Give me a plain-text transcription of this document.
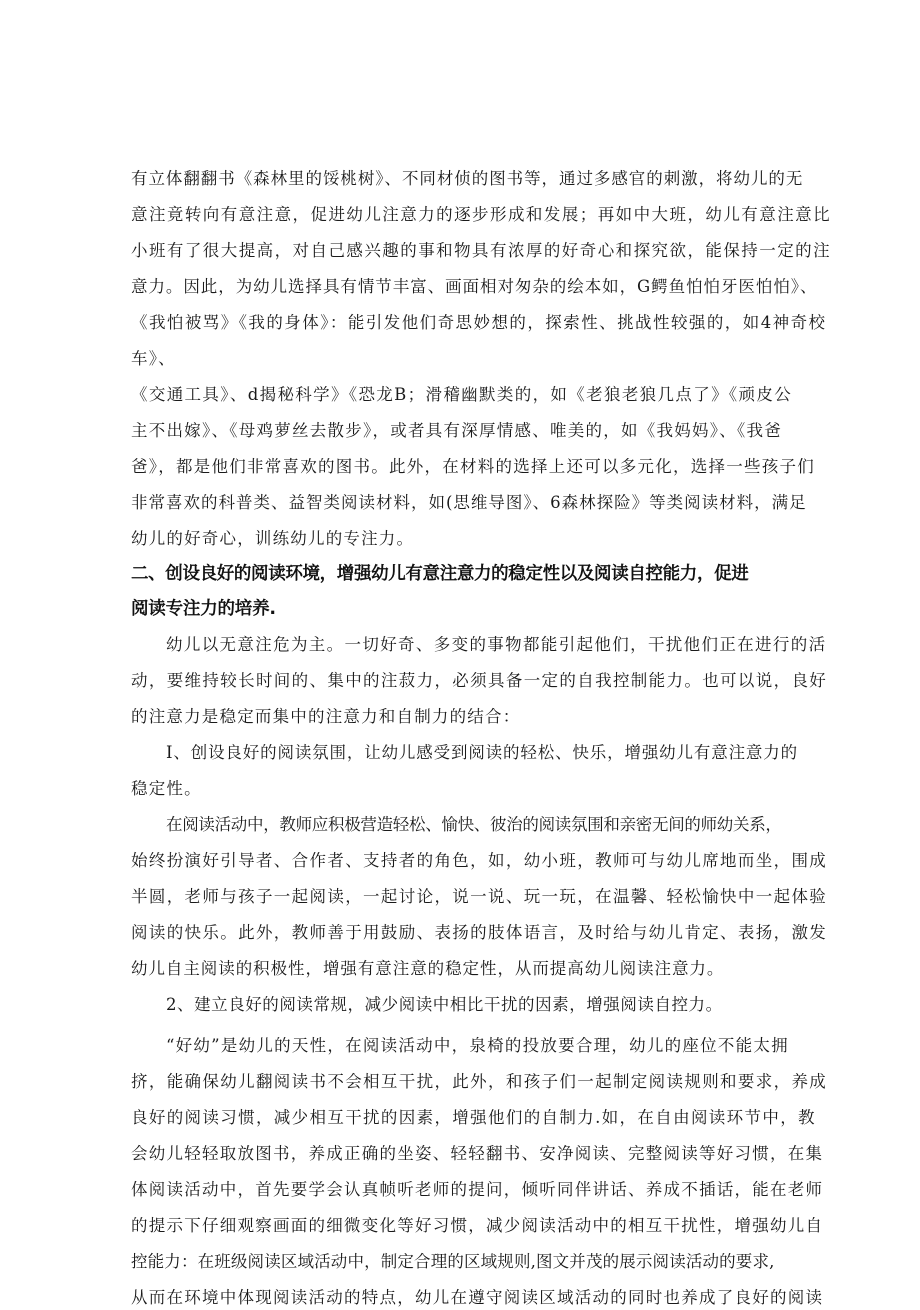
有立体翻翻书《森林里的馁桃树》、不同材侦的图书等，通过多感官的刺激，将幼儿的无
意注竟转向有意注意，促进幼儿注意力的逐步形成和发展；再如中大班，幼儿有意注意比
小班有了很大提高，对自己感兴趣的事和物具有浓厚的好奇心和探究欲，能保持一定的注
意力。因此，为幼儿选择具有情节丰富、画面相对匆杂的绘本如，G鳄鱼怕怕牙医怕怕》、
《我怕被骂》《我的身体》：能引发他们奇思妙想的，探索性、挑战性较强的，如4神奇校
车》、
《交通工具》、d揭秘科学》《恐龙B；滑稽幽默类的，如《老狼老狼几点了》《顽皮公
主不出嫁》、《母鸡萝丝去散步》，或者具有深厚情感、唯美的，如《我妈妈》、《我爸
爸》，都是他们非常喜欢的图书。此外，在材料的选择上还可以多元化，选择一些孩子们
非常喜欢的科普类、益智类阅读材料，如(思维导图》、6森林探险》等类阅读材料，满足
幼儿的好奇心，训练幼儿的专注力。
二、创设良好的阅读环境，增强幼儿有意注意力的稳定性以及阅读自控能力，促进
阅读专注力的培养.
幼儿以无意注危为主。一切好奇、多变的事物都能引起他们，干扰他们正在进行的活
动，要维持较长时间的、集中的注菽力，必须具备一定的自我控制能力。也可以说，良好
的注意力是稳定而集中的注意力和自制力的结合：
I、创设良好的阅读氛围，让幼儿感受到阅读的轻松、快乐，增强幼儿有意注意力的
稳定性。
在阅读活动中，教师应积极营造轻松、愉快、彼治的阅读氛围和亲密无间的师幼关系，
始终扮演好引导者、合作者、支持者的角色，如，幼小班，教师可与幼儿席地而坐，围成
半圆，老师与孩子一起阅读，一起讨论，说一说、玩一玩，在温馨、轻松愉快中一起体验
阅读的快乐。此外，教师善于用鼓励、表扬的肢体语言，及时给与幼儿肯定、表扬，激发
幼儿自主阅读的积极性，增强有意注意的稳定性，从而提高幼儿阅读注意力。
2、建立良好的阅读常规，减少阅读中相比干扰的因素，增强阅读自控力。
“好幼”是幼儿的天性，在阅读活动中，泉椅的投放要合理，幼儿的座位不能太拥
挤，能确保幼儿翻阅读书不会相互干扰，此外，和孩子们一起制定阅读规则和要求，养成
良好的阅读习惯，减少相互干扰的因素，增强他们的自制力.如，在自由阅读环节中，教
会幼儿轻轻取放图书，养成正确的坐姿、轻轻翻书、安净阅读、完整阅读等好习惯，在集
体阅读活动中，首先要学会认真帧听老师的提问，倾听同伴讲话、养成不插话，能在老师
的提示下仔细观察画面的细微变化等好习惯，减少阅读活动中的相互干扰性，增强幼儿自
控能力：在班级阅读区域活动中，制定合理的区域规则,图文并茂的展示阅读活动的要求,
从而在环境中体现阅读活动的特点，幼儿在遵守阅读区域活动的同时也养成了良好的阅读
